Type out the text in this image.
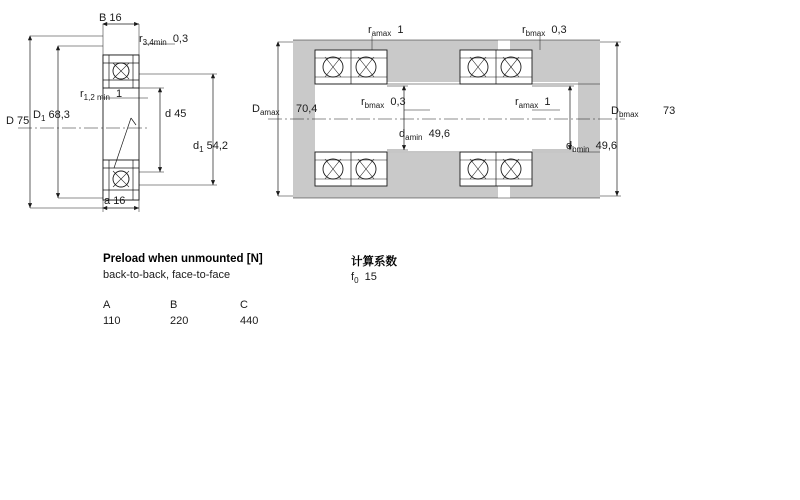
B 16
$r_{3,4min}$ 0,3
D 75
$r_{1,2 min}$ 1
$D_1$ 68,3	d 45
$d_1$ 54,2
a 16
$r_{amax}$ 1	$r_{bmax}$ 0,3
$D_{amax}$ 70,4
$r_{bmax}$ 0,3	$r_{amax}$ 1
$D_{bmax}$ 73
$d_{amin}$ 49,6
$d_{bmin}$ 49,6
Preload when unmounted [N]
back-to-back, face-to-face
A	B	C
110	220	440
计算系数
$f_0$ 15
